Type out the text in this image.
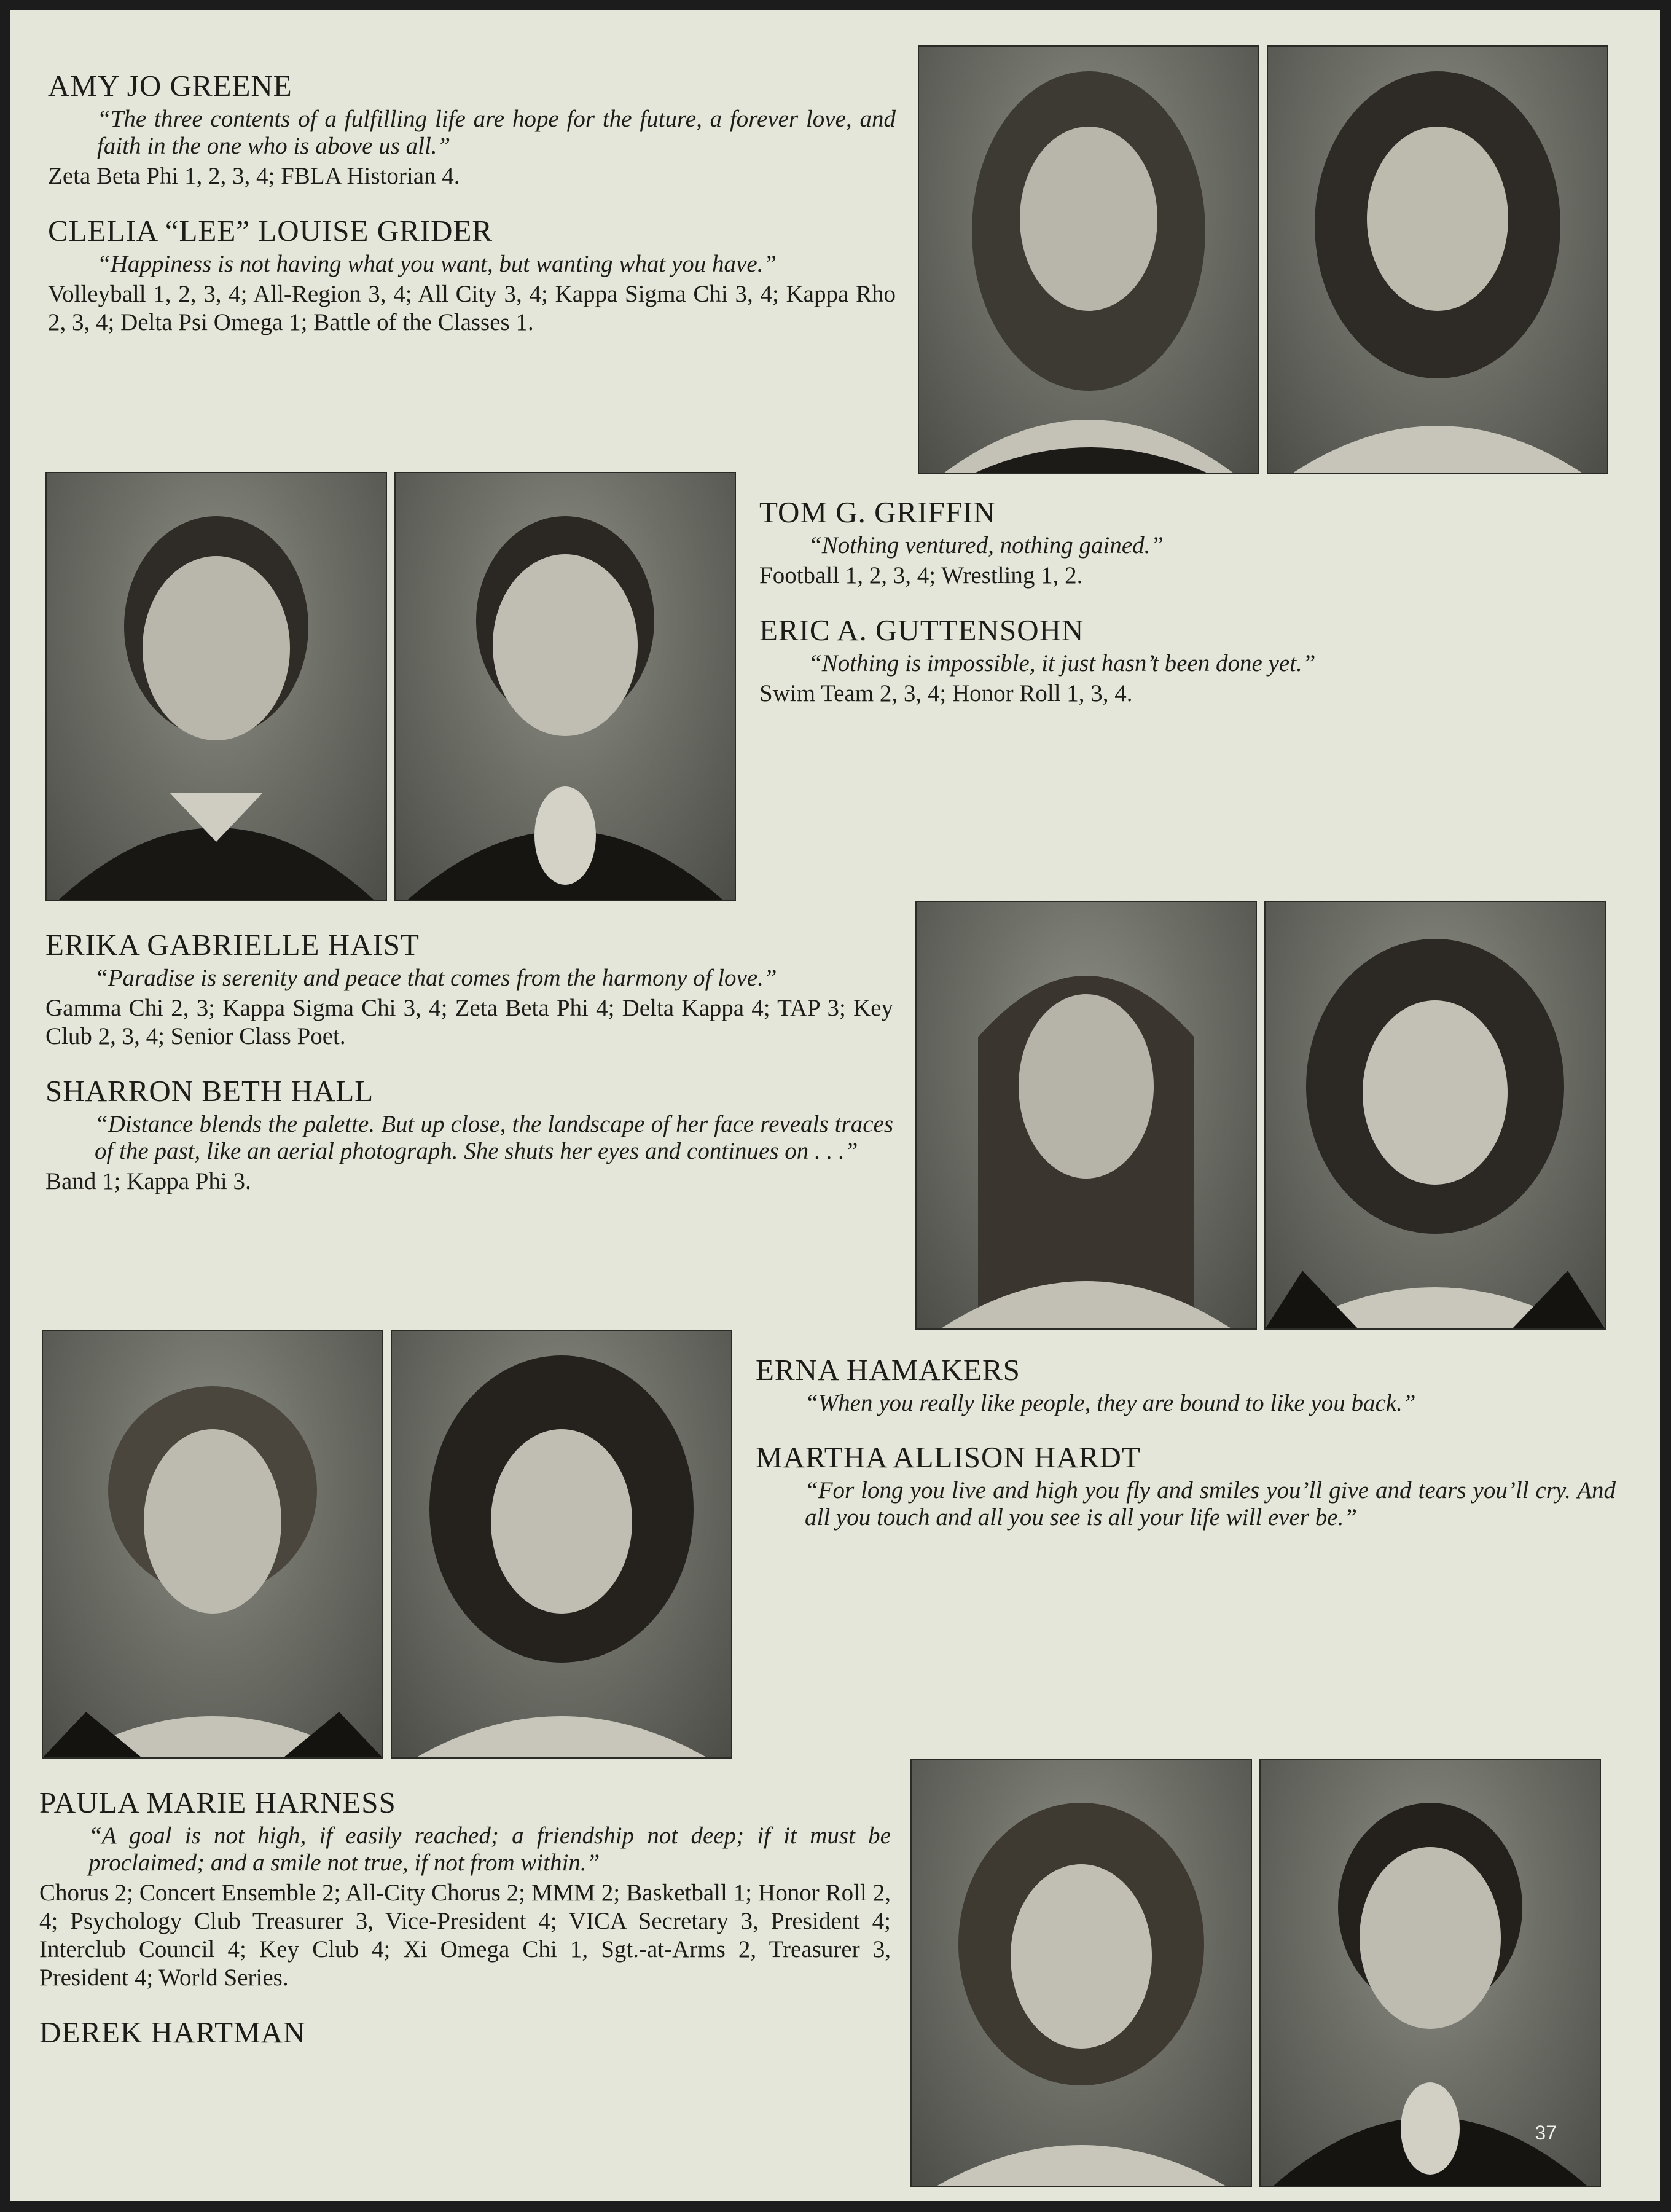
AMY JO GREENE

“The three contents of a fulfilling life are hope for the future, a forever love, and faith in the one who is above us all.”

Zeta Beta Phi 1, 2, 3, 4; FBLA Historian 4.

CLELIA “LEE” LOUISE GRIDER

“Happiness is not having what you want, but wanting what you have.”

Volleyball 1, 2, 3, 4; All-Region 3, 4; All City 3, 4; Kappa Sigma Chi 3, 4; Kappa Rho 2, 3, 4; Delta Psi Omega 1; Battle of the Classes 1.

TOM G. GRIFFIN

“Nothing ventured, nothing gained.”

Football 1, 2, 3, 4; Wrestling 1, 2.

ERIC A. GUTTENSOHN

“Nothing is impossible, it just hasn’t been done yet.”

Swim Team 2, 3, 4; Honor Roll 1, 3, 4.

ERIKA GABRIELLE HAIST

“Paradise is serenity and peace that comes from the harmony of love.”

Gamma Chi 2, 3; Kappa Sigma Chi 3, 4; Zeta Beta Phi 4; Delta Kappa 4; TAP 3; Key Club 2, 3, 4; Senior Class Poet.

SHARRON BETH HALL

“Distance blends the palette. But up close, the landscape of her face reveals traces of the past, like an aerial photograph. She shuts her eyes and continues on . . .”

Band 1; Kappa Phi 3.

ERNA HAMAKERS

“When you really like people, they are bound to like you back.”

MARTHA ALLISON HARDT

“For long you live and high you fly and smiles you’ll give and tears you’ll cry. And all you touch and all you see is all your life will ever be.”

PAULA MARIE HARNESS

“A goal is not high, if easily reached; a friendship not deep; if it must be proclaimed; and a smile not true, if not from within.”

Chorus 2; Concert Ensemble 2; All-City Chorus 2; MMM 2; Basketball 1; Honor Roll 2, 4; Psychology Club Treasurer 3, Vice-President 4; VICA Secretary 3, President 4; Interclub Council 4; Key Club 4; Xi Omega Chi 1, Sgt.-at-Arms 2, Treasurer 3, President 4; World Series.

DEREK HARTMAN
37
